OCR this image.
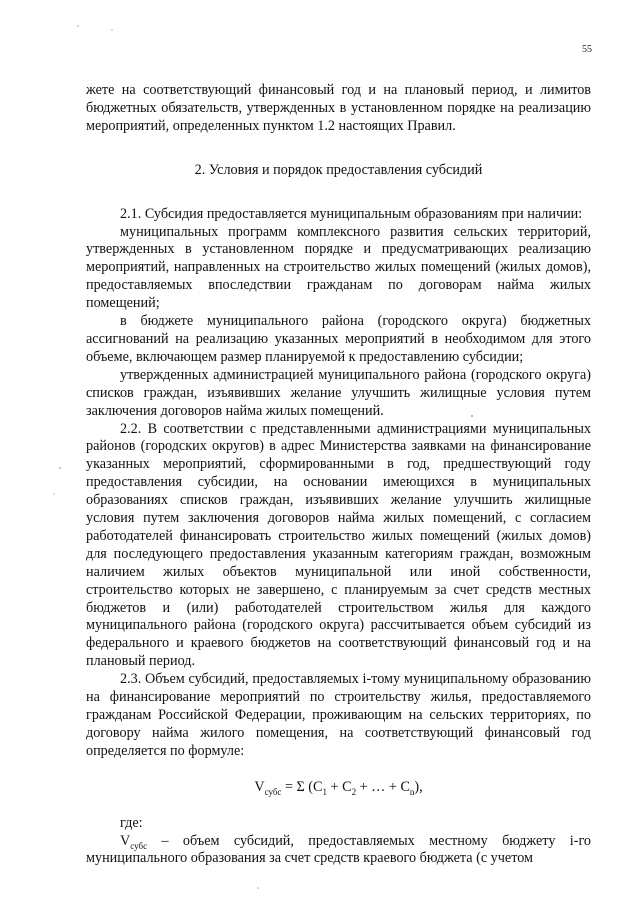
55

жете на соответствующий финансовый год и на плановый период, и лимитов бюджетных обязательств, утвержденных в установленном порядке на реализацию мероприятий, определенных пунктом 1.2 настоящих Правил.

2. Условия и порядок предоставления субсидий

2.1. Субсидия предоставляется муниципальным образованиям при наличии:

муниципальных программ комплексного развития сельских территорий, утвержденных в установленном порядке и предусматривающих реализацию мероприятий, направленных на строительство жилых помещений (жилых домов), предоставляемых впоследствии гражданам по договорам найма жилых помещений;

в бюджете муниципального района (городского округа) бюджетных ассигнований на реализацию указанных мероприятий в необходимом для этого объеме, включающем размер планируемой к предоставлению субсидии;

утвержденных администрацией муниципального района (городского округа) списков граждан, изъявивших желание улучшить жилищные условия путем заключения договоров найма жилых помещений.

2.2. В соответствии с представленными администрациями муниципальных районов (городских округов) в адрес Министерства заявками на финансирование указанных мероприятий, сформированными в год, предшествующий году предоставления субсидии, на основании имеющихся в муниципальных образованиях списков граждан, изъявивших желание улучшить жилищные условия путем заключения договоров найма жилых помещений, с согласием работодателей финансировать строительство жилых помещений (жилых домов) для последующего предоставления указанным категориям граждан, возможным наличием жилых объектов муниципальной или иной собственности, строительство которых не завершено, с планируемым за счет средств местных бюджетов и (или) работодателей строительством жилья для каждого муниципального района (городского округа) рассчитывается объем субсидий из федерального и краевого бюджетов на соответствующий финансовый год и на плановый период.

2.3. Объем субсидий, предоставляемых i-тому муниципальному образованию на финансирование мероприятий по строительству жилья, предоставляемого гражданам Российской Федерации, проживающим на сельских территориях, по договору найма жилого помещения, на соответствующий финансовый год определяется по формуле:

$V_{субс} = \Sigma$ ($C_1 + C_2$ + … + $C_n$),

где:

$V_{субс}$ – объем субсидий, предоставляемых местному бюджету i-го муниципального образования за счет средств краевого бюджета (с учетом
